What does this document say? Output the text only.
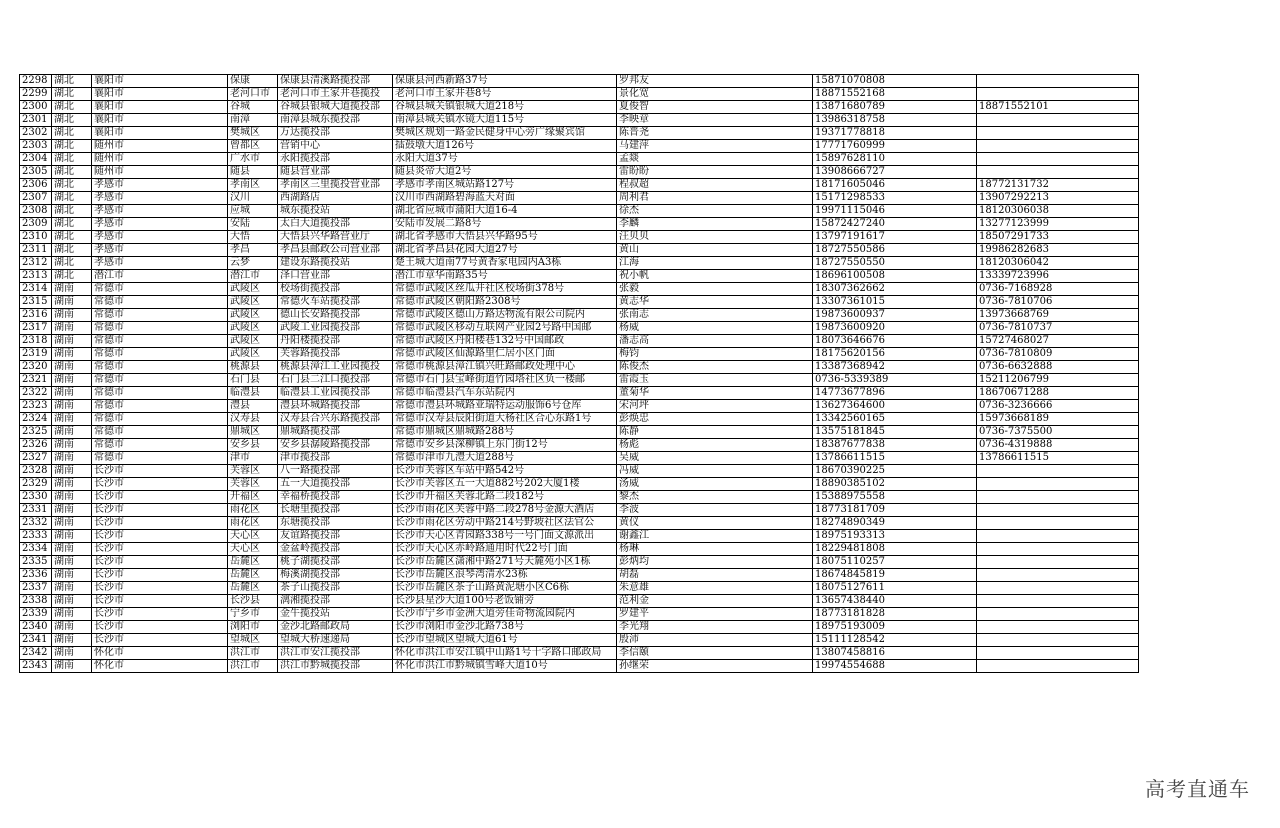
2298	湖北	襄阳市	保康	保康县清溪路揽投部	保康县河西新路37号	罗邦友	15871070808	
2299	湖北	襄阳市	老河口市	老河口市王家井巷揽投	老河口市王家井巷8号	景化宽	18871552168	
2300	湖北	襄阳市	谷城	谷城县银城大道揽投部	谷城县城关镇银城大道218号	夏俊智	13871680789	18871552101
2301	湖北	襄阳市	南漳	南漳县城东揽投部	南漳县城关镇水镜大道115号	李映章	13986318758	
2302	湖北	襄阳市	樊城区	万达揽投部	樊城区规划一路金民健身中心旁广缘聚宾馆	陈晋尧	19371778818	
2303	湖北	随州市	曾都区	营销中心	擂鼓墩大道126号	马建萍	17771760999	
2304	湖北	随州市	广水市	永阳揽投部	永阳大道37号	孟燚	15897628110	
2305	湖北	随州市	随县	随县营业部	随县炎帝大道2号	雷盼盼	13908666727	
2306	湖北	孝感市	孝南区	孝南区三里揽投营业部	孝感市孝南区城站路127号	程叔超	18171605046	18772131732
2307	湖北	孝感市	汉川	西湖路店	汉川市西湖路碧海蓝天对面	周利君	15171298533	13907292213
2308	湖北	孝感市	应城	城东揽投站	湖北省应城市蒲阳大道16-4	徐杰	19971115046	18120306038
2309	湖北	孝感市	安陆	太白大道揽投部	安陆市发展二路8号	李麟	15872427240	13277123999
2310	湖北	孝感市	大悟	大悟县兴华路营业厅	湖北省孝感市大悟县兴华路95号	汪贝贝	13797191617	18507291733
2311	湖北	孝感市	孝昌	孝昌县邮政公司营业部	湖北省孝昌县花园大道27号	黄山	18727550586	19986282683
2312	湖北	孝感市	云梦	建设东路揽投站	楚王城大道南77号黄香家电园内A3栋	江海	18727550550	18120306042
2313	湖北	潜江市	潜江市	泽口营业部	潜江市章华南路35号	祝小帆	18696100508	13339723996
2314	湖南	常德市	武陵区	校场街揽投部	常德市武陵区丝瓜井社区校场街378号	张毅	18307362662	0736-7168928
2315	湖南	常德市	武陵区	常德火车站揽投部	常德市武陵区朝阳路2308号	黄志华	13307361015	0736-7810706
2316	湖南	常德市	武陵区	德山长安路揽投部	常德市武陵区德山万路达物流有限公司院内	张南志	19873600937	13973668769
2317	湖南	常德市	武陵区	武陵工业园揽投部	常德市武陵区移动互联网产业园2号路中国邮	杨威	19873600920	0736-7810737
2318	湖南	常德市	武陵区	丹阳楼揽投部	常德市武陵区丹阳楼巷132号中国邮政	潘志高	18073646676	15727468027
2319	湖南	常德市	武陵区	芙蓉路揽投部	常德市武陵区仙源路里仁居小区门面	梅钧	18175620156	0736-7810809
2320	湖南	常德市	桃源县	桃源县漳江工业园揽投	常德市桃源县漳江镇兴旺路邮政处理中心	陈俊杰	13387368942	0736-6632888
2321	湖南	常德市	石门县	石门县二江口揽投部	常德市石门县宝峰街道竹园塔社区负一楼邮	雷霞玉	0736-5339389	15211206799
2322	湖南	常德市	临澧县	临澧县工业园揽投部	常德市临澧县汽车东站院内	董菊华	14773677896	18670671288
2323	湖南	常德市	澧县	澧县环城路揽投部	常德市澧县环城路亚瑞特运动服饰6号仓库	宋河坪	13627364600	0736-3236666
2324	湖南	常德市	汉寿县	汉寿县合兴东路揽投部	常德市汉寿县辰阳街道大杨社区合心东路1号	彭焕忠	13342560165	15973668189
2325	湖南	常德市	鼎城区	鼎城路揽投部	常德市鼎城区鼎城路288号	陈静	13575181845	0736-7375500
2326	湖南	常德市	安乡县	安乡县潺陵路揽投部	常德市安乡县深柳镇上东门街12号	杨彪	18387677838	0736-4319888
2327	湖南	常德市	津市	津市揽投部	常德市津市九澧大道288号	吴威	13786611515	13786611515
2328	湖南	长沙市	芙蓉区	八一路揽投部	长沙市芙蓉区车站中路542号	冯威	18670390225	
2329	湖南	长沙市	芙蓉区	五一大道揽投部	长沙市芙蓉区五一大道882号202大厦1楼	汤威	18890385102	
2330	湖南	长沙市	开福区	幸福桥揽投部	长沙市开福区芙蓉北路二段182号	黎杰	15388975558	
2331	湖南	长沙市	雨花区	长塘里揽投部	长沙市雨花区芙蓉中路二段278号金源大酒店	李波	18773181709	
2332	湖南	长沙市	雨花区	东塘揽投部	长沙市雨花区劳动中路214号野坡社区法官公	黄仪	18274890349	
2333	湖南	长沙市	天心区	友谊路揽投部	长沙市天心区青园路338号一号门面文源派出	谢鑫江	18975193313	
2334	湖南	长沙市	天心区	金盆岭揽投部	长沙市天心区赤岭路通用时代22号门面	杨琳	18229481808	
2335	湖南	长沙市	岳麓区	桃子湖揽投部	长沙市岳麓区潇湘中路271号天麓苑小区1栋	彭炳均	18075110257	
2336	湖南	长沙市	岳麓区	梅溪湖揽投部	长沙市岳麓区浪琴湾清水23栋	胡磊	18674845819	
2337	湖南	长沙市	岳麓区	茶子山揽投部	长沙市岳麓区茶子山路黄泥塘小区C6栋	朱意雄	18075127611	
2338	湖南	长沙市	长沙县	漓湘揽投部	长沙县星沙大道100号老饭铺旁	范利金	13657438440	
2339	湖南	长沙市	宁乡市	金牛揽投站	长沙市宁乡市金洲大道旁佳奇物流园院内	罗建平	18773181828	
2340	湖南	长沙市	浏阳市	金沙北路邮政局	长沙市浏阳市金沙北路738号	李光翔	18975193009	
2341	湖南	长沙市	望城区	望城大桥速递局	长沙市望城区望城大道61号	殷沛	15111128542	
2342	湖南	怀化市	洪江市	洪江市安江揽投部	怀化市洪江市安江镇中山路1号十字路口邮政局	李信颐	13807458816	
2343	湖南	怀化市	洪江市	洪江市黔城揽投部	怀化市洪江市黔城镇雪峰大道10号	孙继荣	19974554688	
高考直通车
